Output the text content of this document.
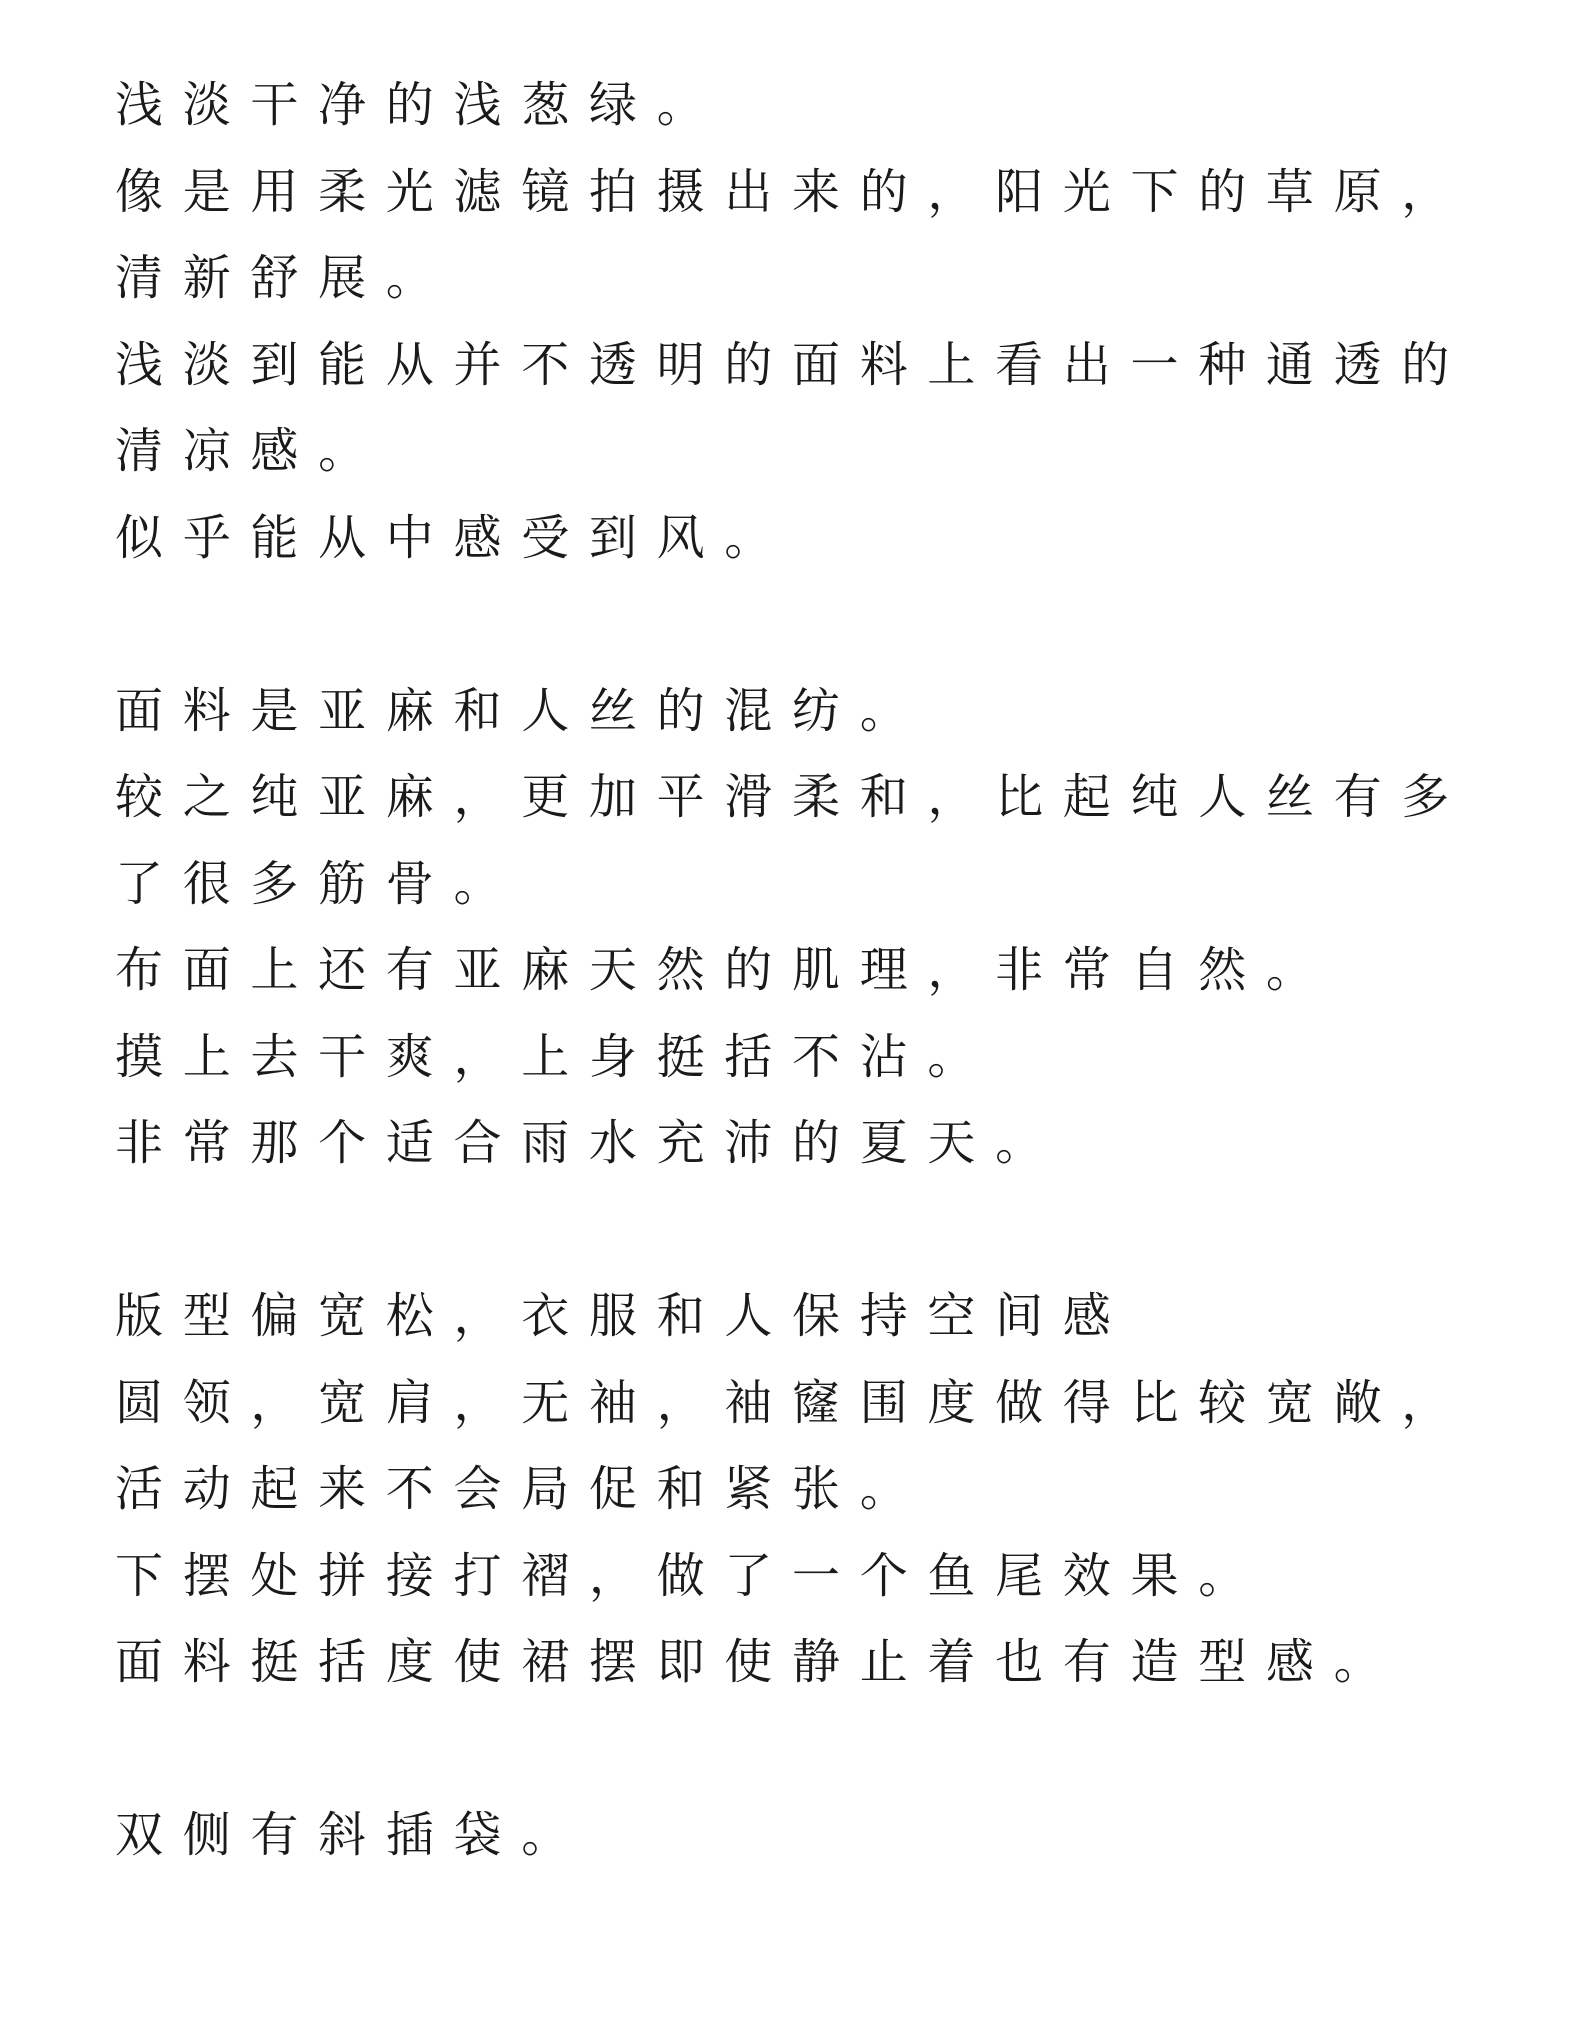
浅淡干净的浅葱绿。
像是用柔光滤镜拍摄出来的，阳光下的草原，
清新舒展。
浅淡到能从并不透明的面料上看出一种通透的
清凉感。
似乎能从中感受到风。
面料是亚麻和人丝的混纺。
较之纯亚麻，更加平滑柔和，比起纯人丝有多
了很多筋骨。
布面上还有亚麻天然的肌理，非常自然。
摸上去干爽，上身挺括不沾。
非常那个适合雨水充沛的夏天。
版型偏宽松，衣服和人保持空间感
圆领，宽肩，无袖，袖窿围度做得比较宽敞，
活动起来不会局促和紧张。
下摆处拼接打褶，做了一个鱼尾效果。
面料挺括度使裙摆即使静止着也有造型感。
双侧有斜插袋。
